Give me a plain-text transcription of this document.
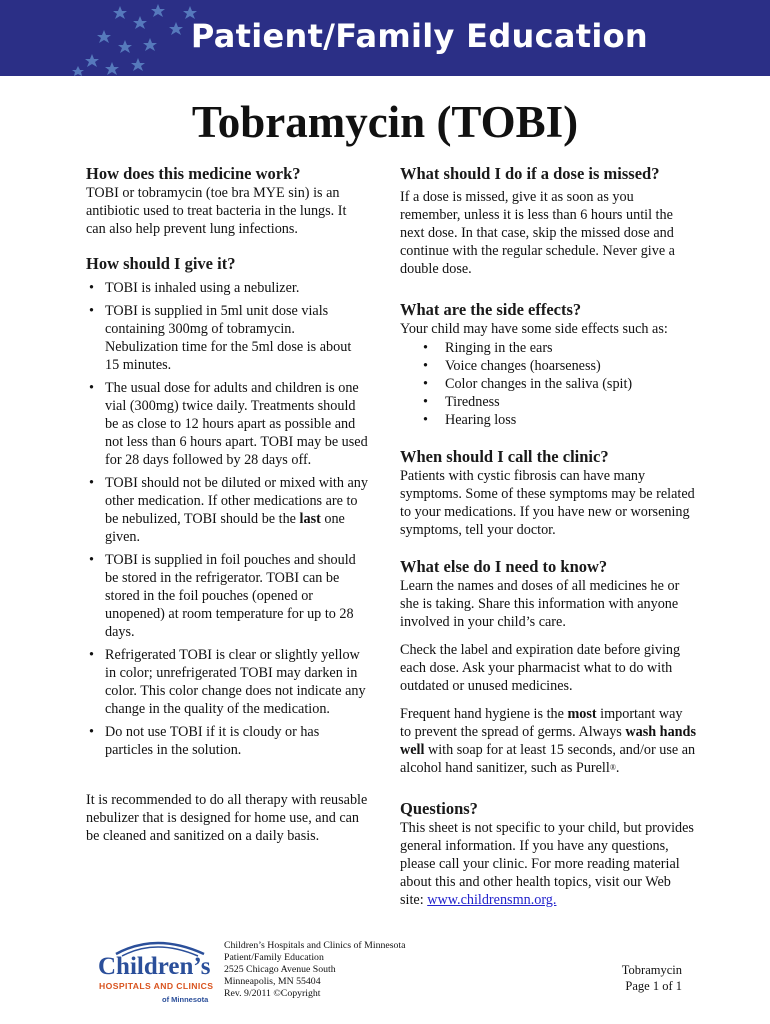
Patient/Family Education
Tobramycin (TOBI)
How does this medicine work?

TOBI or tobramycin (toe bra MYE sin) is an antibiotic used to treat bacteria in the lungs. It can also help prevent lung infections.

How should I give it?
• TOBI is inhaled using a nebulizer.
• TOBI is supplied in 5ml unit dose vials containing 300mg of tobramycin. Nebulization time for the 5ml dose is about 15 minutes.
• The usual dose for adults and children is one vial (300mg) twice daily. Treatments should be as close to 12 hours apart as possible and not less than 6 hours apart. TOBI may be used for 28 days followed by 28 days off.
• TOBI should not be diluted or mixed with any other medication. If other medications are to be nebulized, TOBI should be the last one given.
• TOBI is supplied in foil pouches and should be stored in the refrigerator. TOBI can be stored in the foil pouches (opened or unopened) at room temperature for up to 28 days.
• Refrigerated TOBI is clear or slightly yellow in color; unrefrigerated TOBI may darken in color. This color change does not indicate any change in the quality of the medication.
• Do not use TOBI if it is cloudy or has particles in the solution.

It is recommended to do all therapy with reusable nebulizer that is designed for home use, and can be cleaned and sanitized on a daily basis.

What should I do if a dose is missed?

If a dose is missed, give it as soon as you remember, unless it is less than 6 hours until the next dose. In that case, skip the missed dose and continue with the regular schedule. Never give a double dose.

What are the side effects?

Your child may have some side effects such as:

• Ringing in the ears
• Voice changes (hoarseness)
• Color changes in the saliva (spit)
• Tiredness
• Hearing loss
When should I call the clinic?

Patients with cystic fibrosis can have many symptoms. Some of these symptoms may be related to your medications. If you have new or worsening symptoms, tell your doctor.

What else do I need to know?

Learn the names and doses of all medicines he or she is taking. Share this information with anyone involved in your child’s care.

Check the label and expiration date before giving each dose. Ask your pharmacist what to do with outdated or unused medicines.

Frequent hand hygiene is the most important way to prevent the spread of germs. Always wash hands well with soap for at least 15 seconds, and/or use an alcohol hand sanitizer, such as Purell®.

Questions?

This sheet is not specific to your child, but provides general information. If you have any questions, please call your clinic. For more reading material about this and other health topics, visit our Web site: www.childrensmn.org.

Children’s
HOSPITALS AND CLINICS
of Minnesota
Children’s Hospitals and Clinics of Minnesota
Patient/Family Education
2525 Chicago Avenue South
Minneapolis, MN 55404
Rev. 9/2011 ©Copyright
Tobramycin
Page 1 of 1
